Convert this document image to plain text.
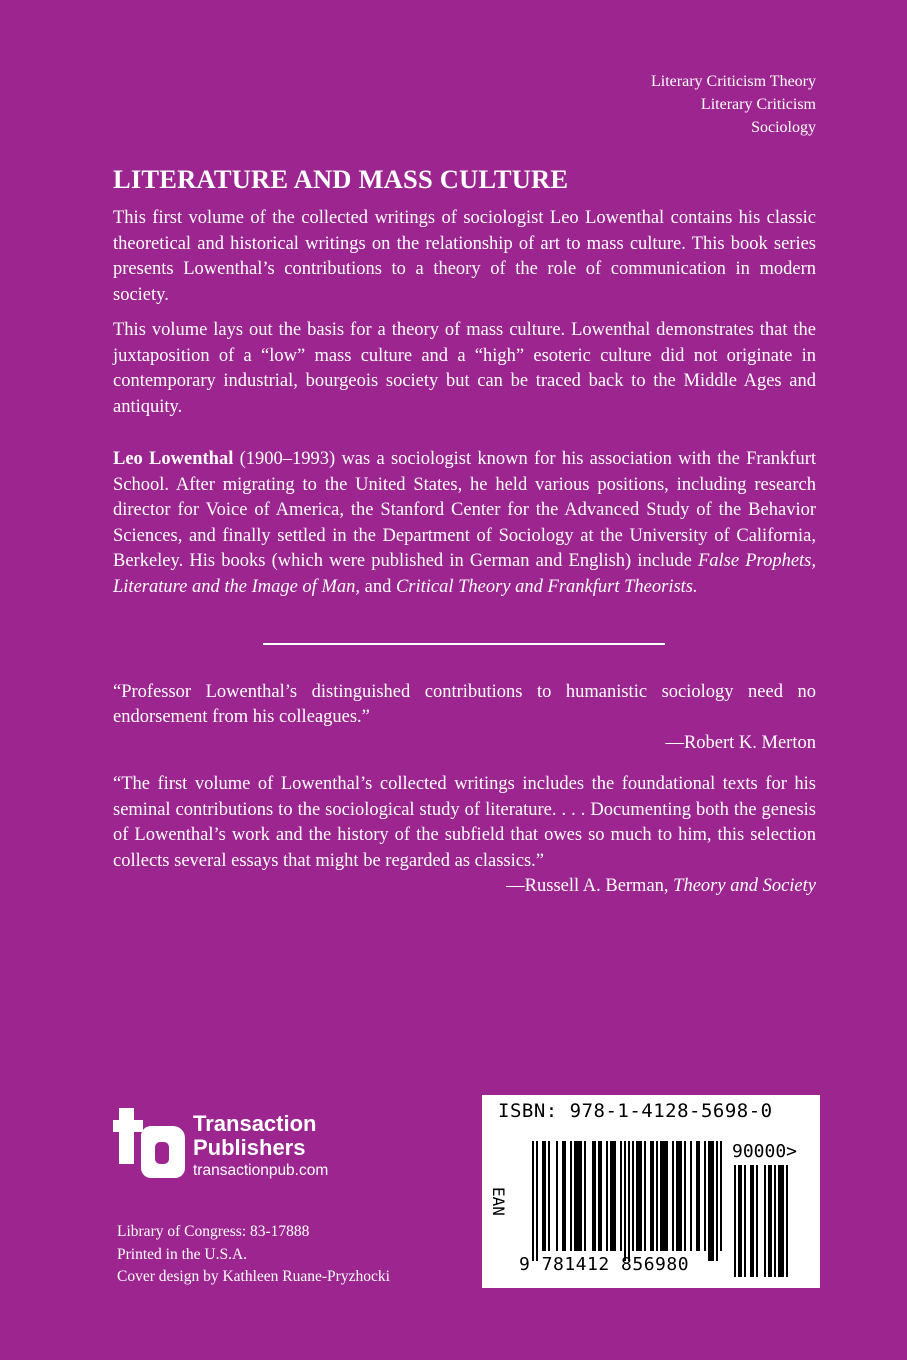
Literary Criticism Theory
Literary Criticism
Sociology
LITERATURE AND MASS CULTURE

This first volume of the collected writings of sociologist Leo Lowenthal contains his classic theoretical and historical writings on the relationship of art to mass culture. This book series presents Lowenthal’s contributions to a theory of the role of communication in modern society.

This volume lays out the basis for a theory of mass culture. Lowenthal demonstrates that the juxtaposition of a “low” mass culture and a “high” esoteric culture did not originate in contemporary industrial, bourgeois society but can be traced back to the Middle Ages and antiquity.

Leo Lowenthal (1900–1993) was a sociologist known for his association with the Frankfurt School. After migrating to the United States, he held various positions, including research director for Voice of America, the Stanford Center for the Advanced Study of the Behavior Sciences, and finally settled in the Department of Sociology at the University of California, Berkeley. His books (which were published in German and English) include False Prophets, Literature and the Image of Man, and Critical Theory and Frankfurt Theorists.

“Professor Lowenthal’s distinguished contributions to humanistic sociology need no endorsement from his colleagues.”

—Robert K. Merton

“The first volume of Lowenthal’s collected writings includes the foundational texts for his seminal contributions to the sociological study of literature. . . . Documenting both the genesis of Lowenthal’s work and the history of the subfield that owes so much to him, this selection collects several essays that might be regarded as classics.”

—Russell A. Berman, Theory and Society
Transaction
Publishers
transactionpub.com
Library of Congress: 83-17888
Printed in the U.S.A.
Cover design by Kathleen Ruane-Pryzhocki
ISBN: 978-1-4128-5698-0
EAN
9 781412 856980
90000>
